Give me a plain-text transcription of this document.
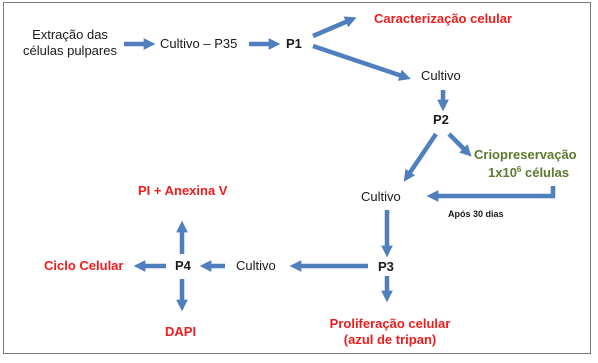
Extração das
células pulpares	Cultivo – P35	P1
Caracterização celular
Cultivo
P2
Criopreservação
$1x10^6$ células
Após 30 dias
Cultivo
P3
Proliferação celular
(azul de tripan)
Cultivo
P4
PI + Anexina V
Ciclo Celular
DAPI
